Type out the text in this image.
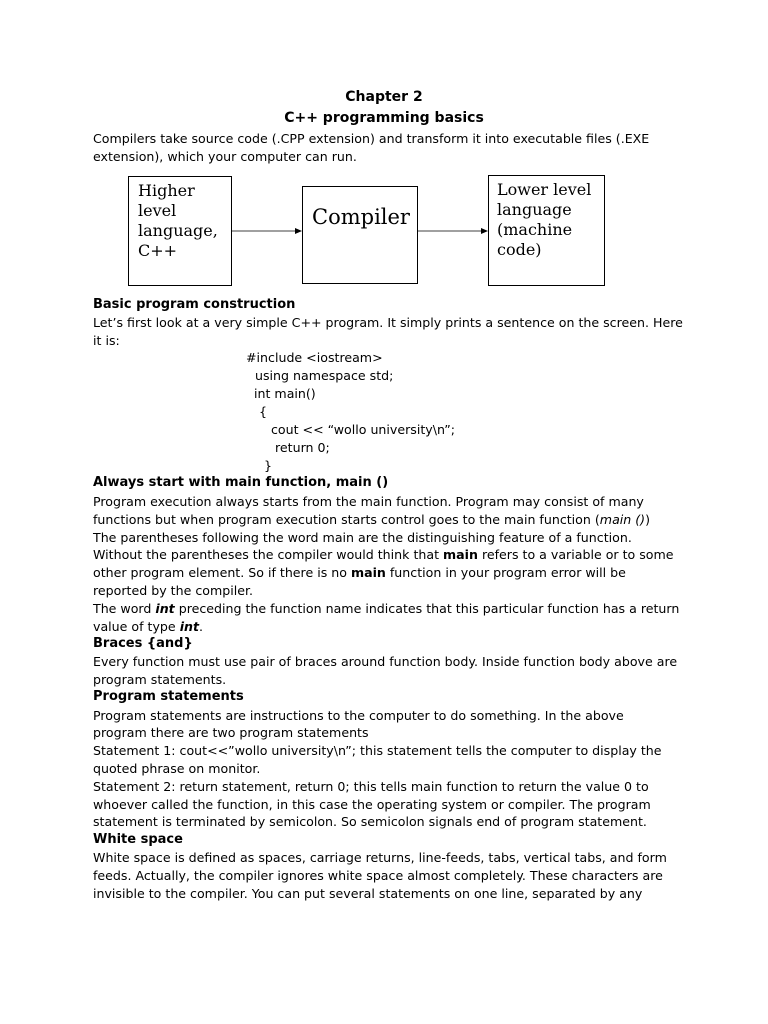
Chapter 2
C++ programming basics
Compilers take source code (.CPP extension) and transform it into executable files (.EXE
extension), which your computer can run.
Higher
level
language,
C++
Compiler
Lower level
language
(machine
code)
Basic program construction
Let’s first look at a very simple C++ program. It simply prints a sentence on the screen. Here
it is:
#include <iostream>
using namespace std;
int main()
{
cout << “wollo university\n”;
return 0;
}
Always start with main function, main ()
Program execution always starts from the main function. Program may consist of many
functions but when program execution starts control goes to the main function (main ())
The parentheses following the word main are the distinguishing feature of a function.
Without the parentheses the compiler would think that main refers to a variable or to some
other program element. So if there is no main function in your program error will be
reported by the compiler.
The word int preceding the function name indicates that this particular function has a return
value of type int.
Braces {and}
Every function must use pair of braces around function body. Inside function body above are
program statements.
Program statements
Program statements are instructions to the computer to do something. In the above
program there are two program statements
Statement 1: cout<<”wollo university\n”; this statement tells the computer to display the
quoted phrase on monitor.
Statement 2: return statement, return 0; this tells main function to return the value 0 to
whoever called the function, in this case the operating system or compiler. The program
statement is terminated by semicolon. So semicolon signals end of program statement.
White space
White space is defined as spaces, carriage returns, line-feeds, tabs, vertical tabs, and form
feeds. Actually, the compiler ignores white space almost completely. These characters are
invisible to the compiler. You can put several statements on one line, separated by any
